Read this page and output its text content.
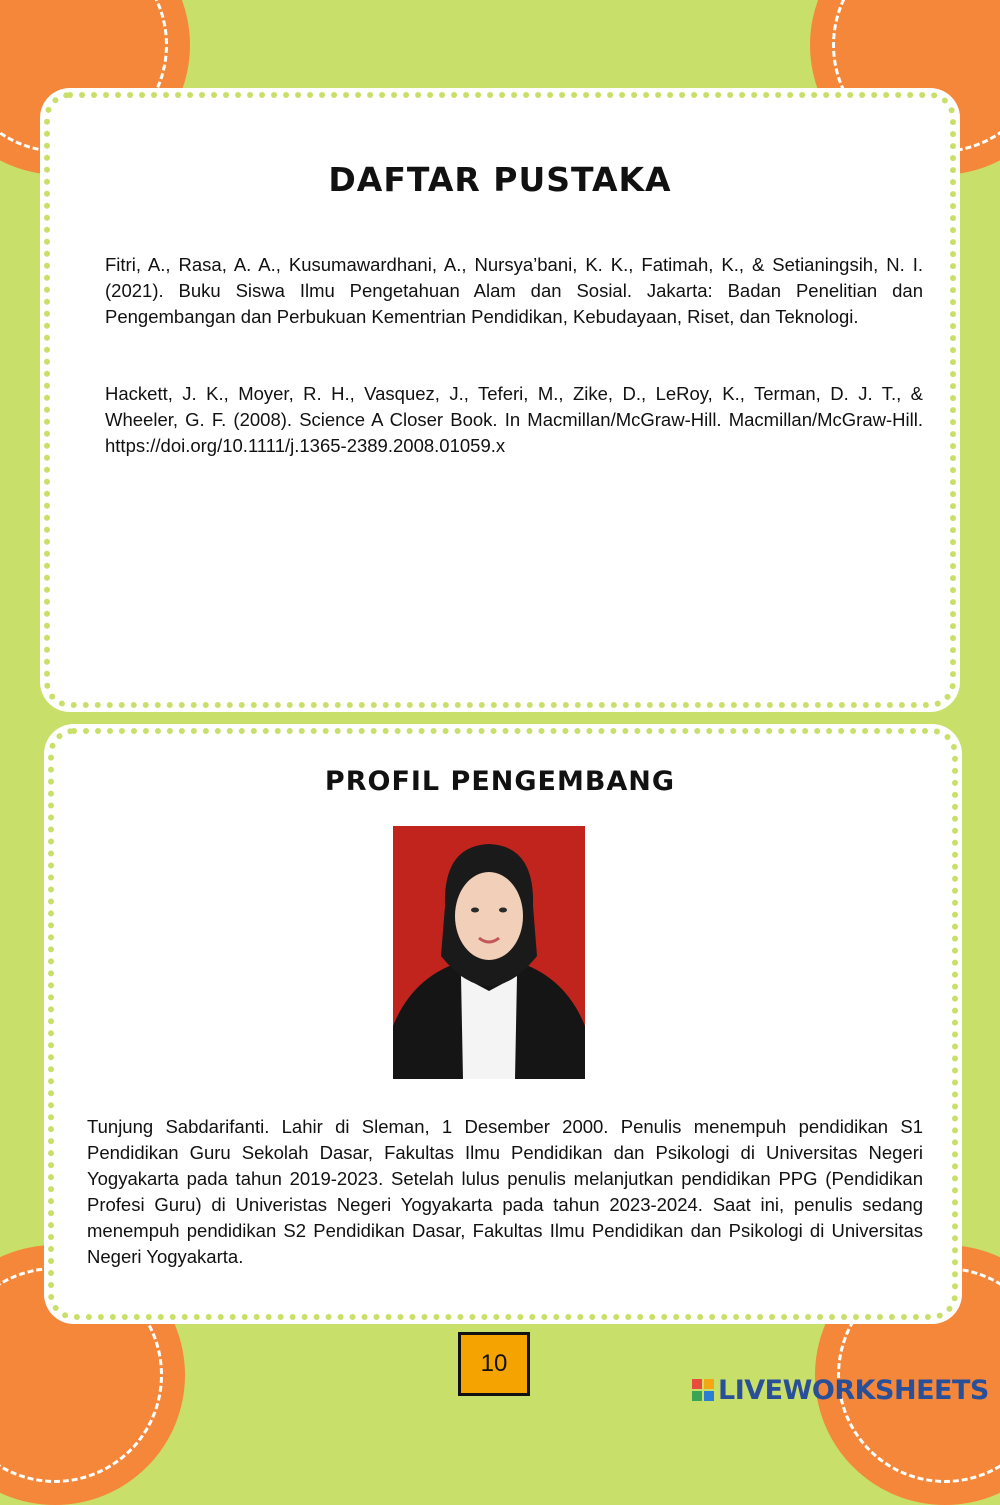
DAFTAR PUSTAKA

Fitri, A., Rasa, A. A., Kusumawardhani, A., Nursya’bani, K. K., Fatimah, K., & Setianingsih, N. I. (2021). Buku Siswa Ilmu Pengetahuan Alam dan Sosial. Jakarta: Badan Penelitian dan Pengembangan dan Perbukuan Kementrian Pendidikan, Kebudayaan, Riset, dan Teknologi.

Hackett, J. K., Moyer, R. H., Vasquez, J., Teferi, M., Zike, D., LeRoy, K., Terman, D. J. T., & Wheeler, G. F. (2008). Science A Closer Book. In Macmillan/McGraw-Hill. Macmillan/McGraw-Hill. https://doi.org/10.1111/j.1365-2389.2008.01059.x

PROFIL PENGEMBANG

Tunjung Sabdarifanti. Lahir di Sleman, 1 Desember 2000. Penulis menempuh pendidikan S1 Pendidikan Guru Sekolah Dasar, Fakultas Ilmu Pendidikan dan Psikologi di Universitas Negeri Yogyakarta pada tahun 2019-2023. Setelah lulus penulis melanjutkan pendidikan PPG (Pendidikan Profesi Guru) di Univeristas Negeri Yogyakarta pada tahun 2023-2024. Saat ini, penulis sedang menempuh pendidikan S2 Pendidikan Dasar, Fakultas Ilmu Pendidikan dan Psikologi di Universitas Negeri Yogyakarta.

10
LIVEWORKSHEETS
